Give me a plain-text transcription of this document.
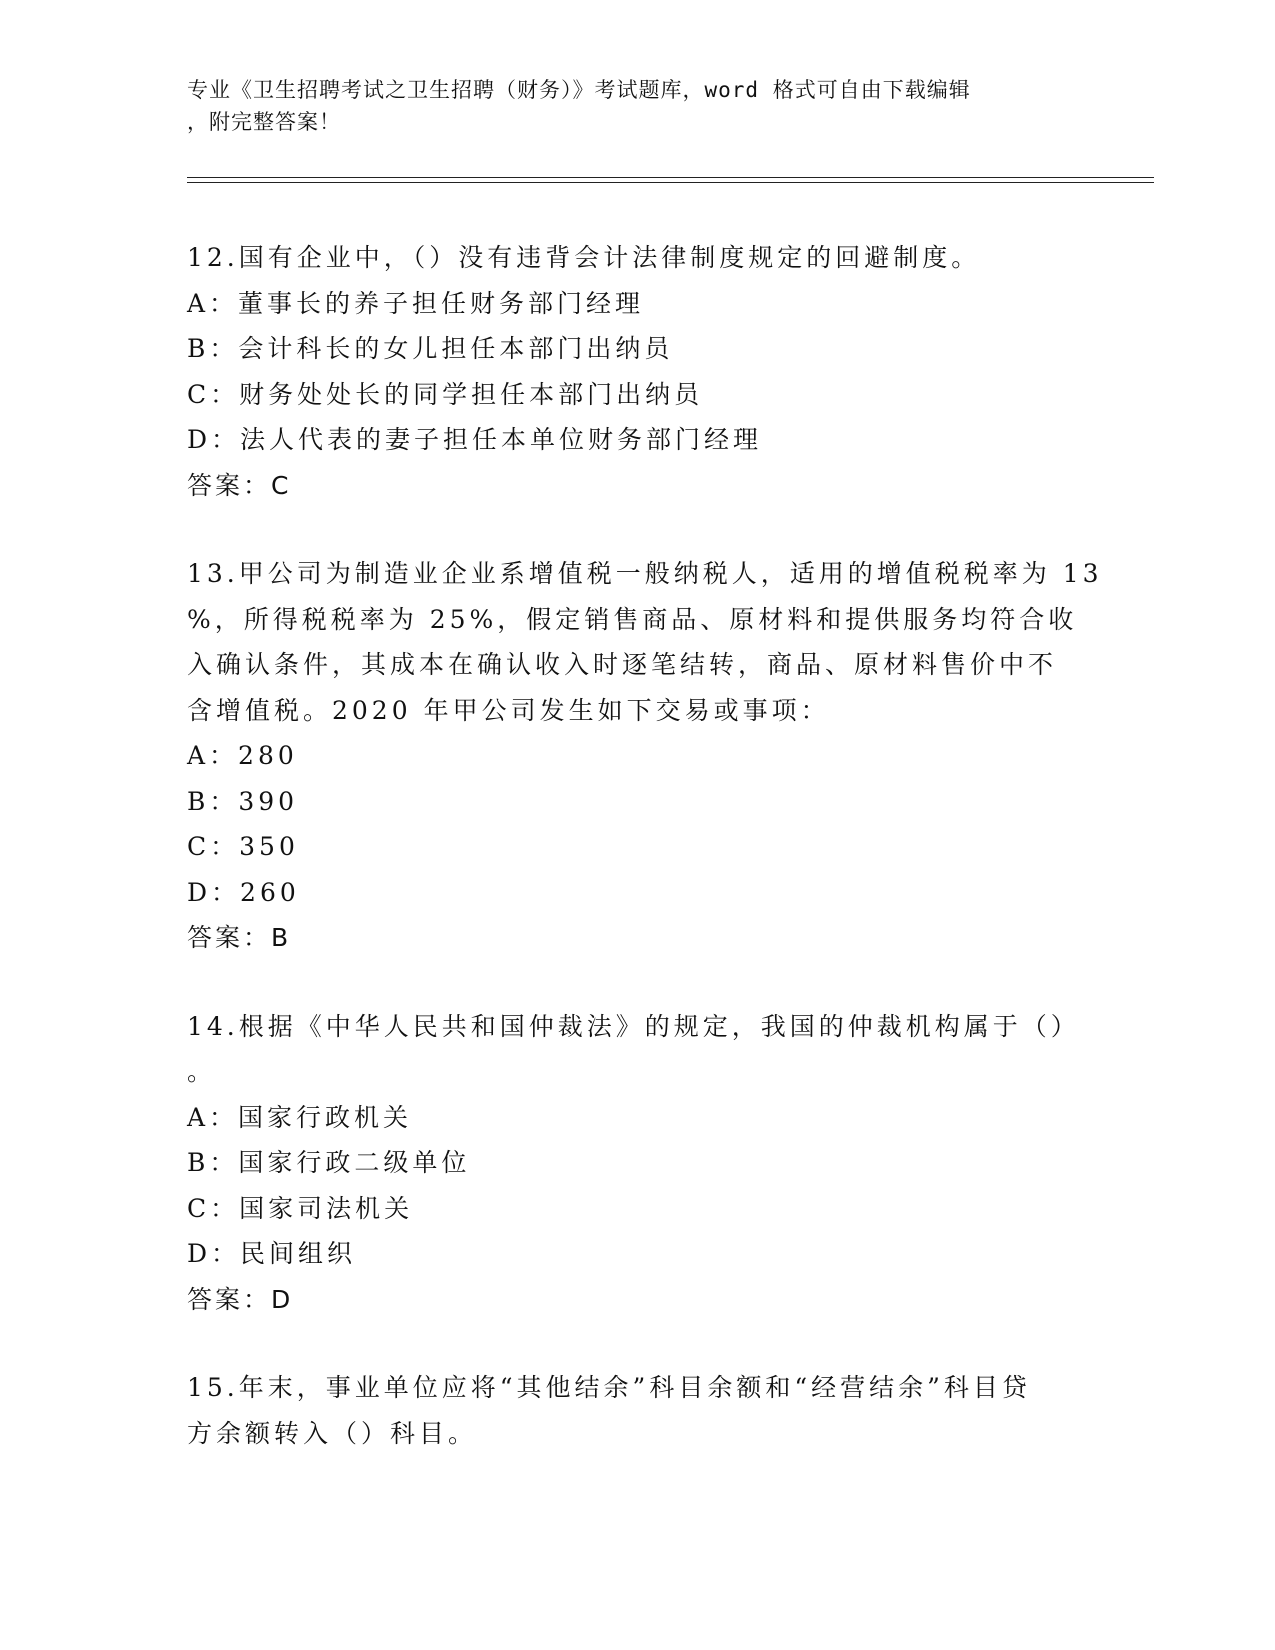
专业《卫生招聘考试之卫生招聘（财务）》考试题库，word 格式可自由下载编辑
，附完整答案！
12.国有企业中，（）没有违背会计法律制度规定的回避制度。
A：董事长的养子担任财务部门经理
B：会计科长的女儿担任本部门出纳员
C：财务处处长的同学担任本部门出纳员
D：法人代表的妻子担任本单位财务部门经理
答案：C
13.甲公司为制造业企业系增值税一般纳税人，适用的增值税税率为 13
%，所得税税率为 25%，假定销售商品、原材料和提供服务均符合收
入确认条件，其成本在确认收入时逐笔结转，商品、原材料售价中不
含增值税。2020 年甲公司发生如下交易或事项：
A：280
B：390
C：350
D：260
答案：B
14.根据《中华人民共和国仲裁法》的规定，我国的仲裁机构属于（）
。
A：国家行政机关
B：国家行政二级单位
C：国家司法机关
D：民间组织
答案：D
15.年末，事业单位应将“其他结余”科目余额和“经营结余”科目贷
方余额转入（）科目。
